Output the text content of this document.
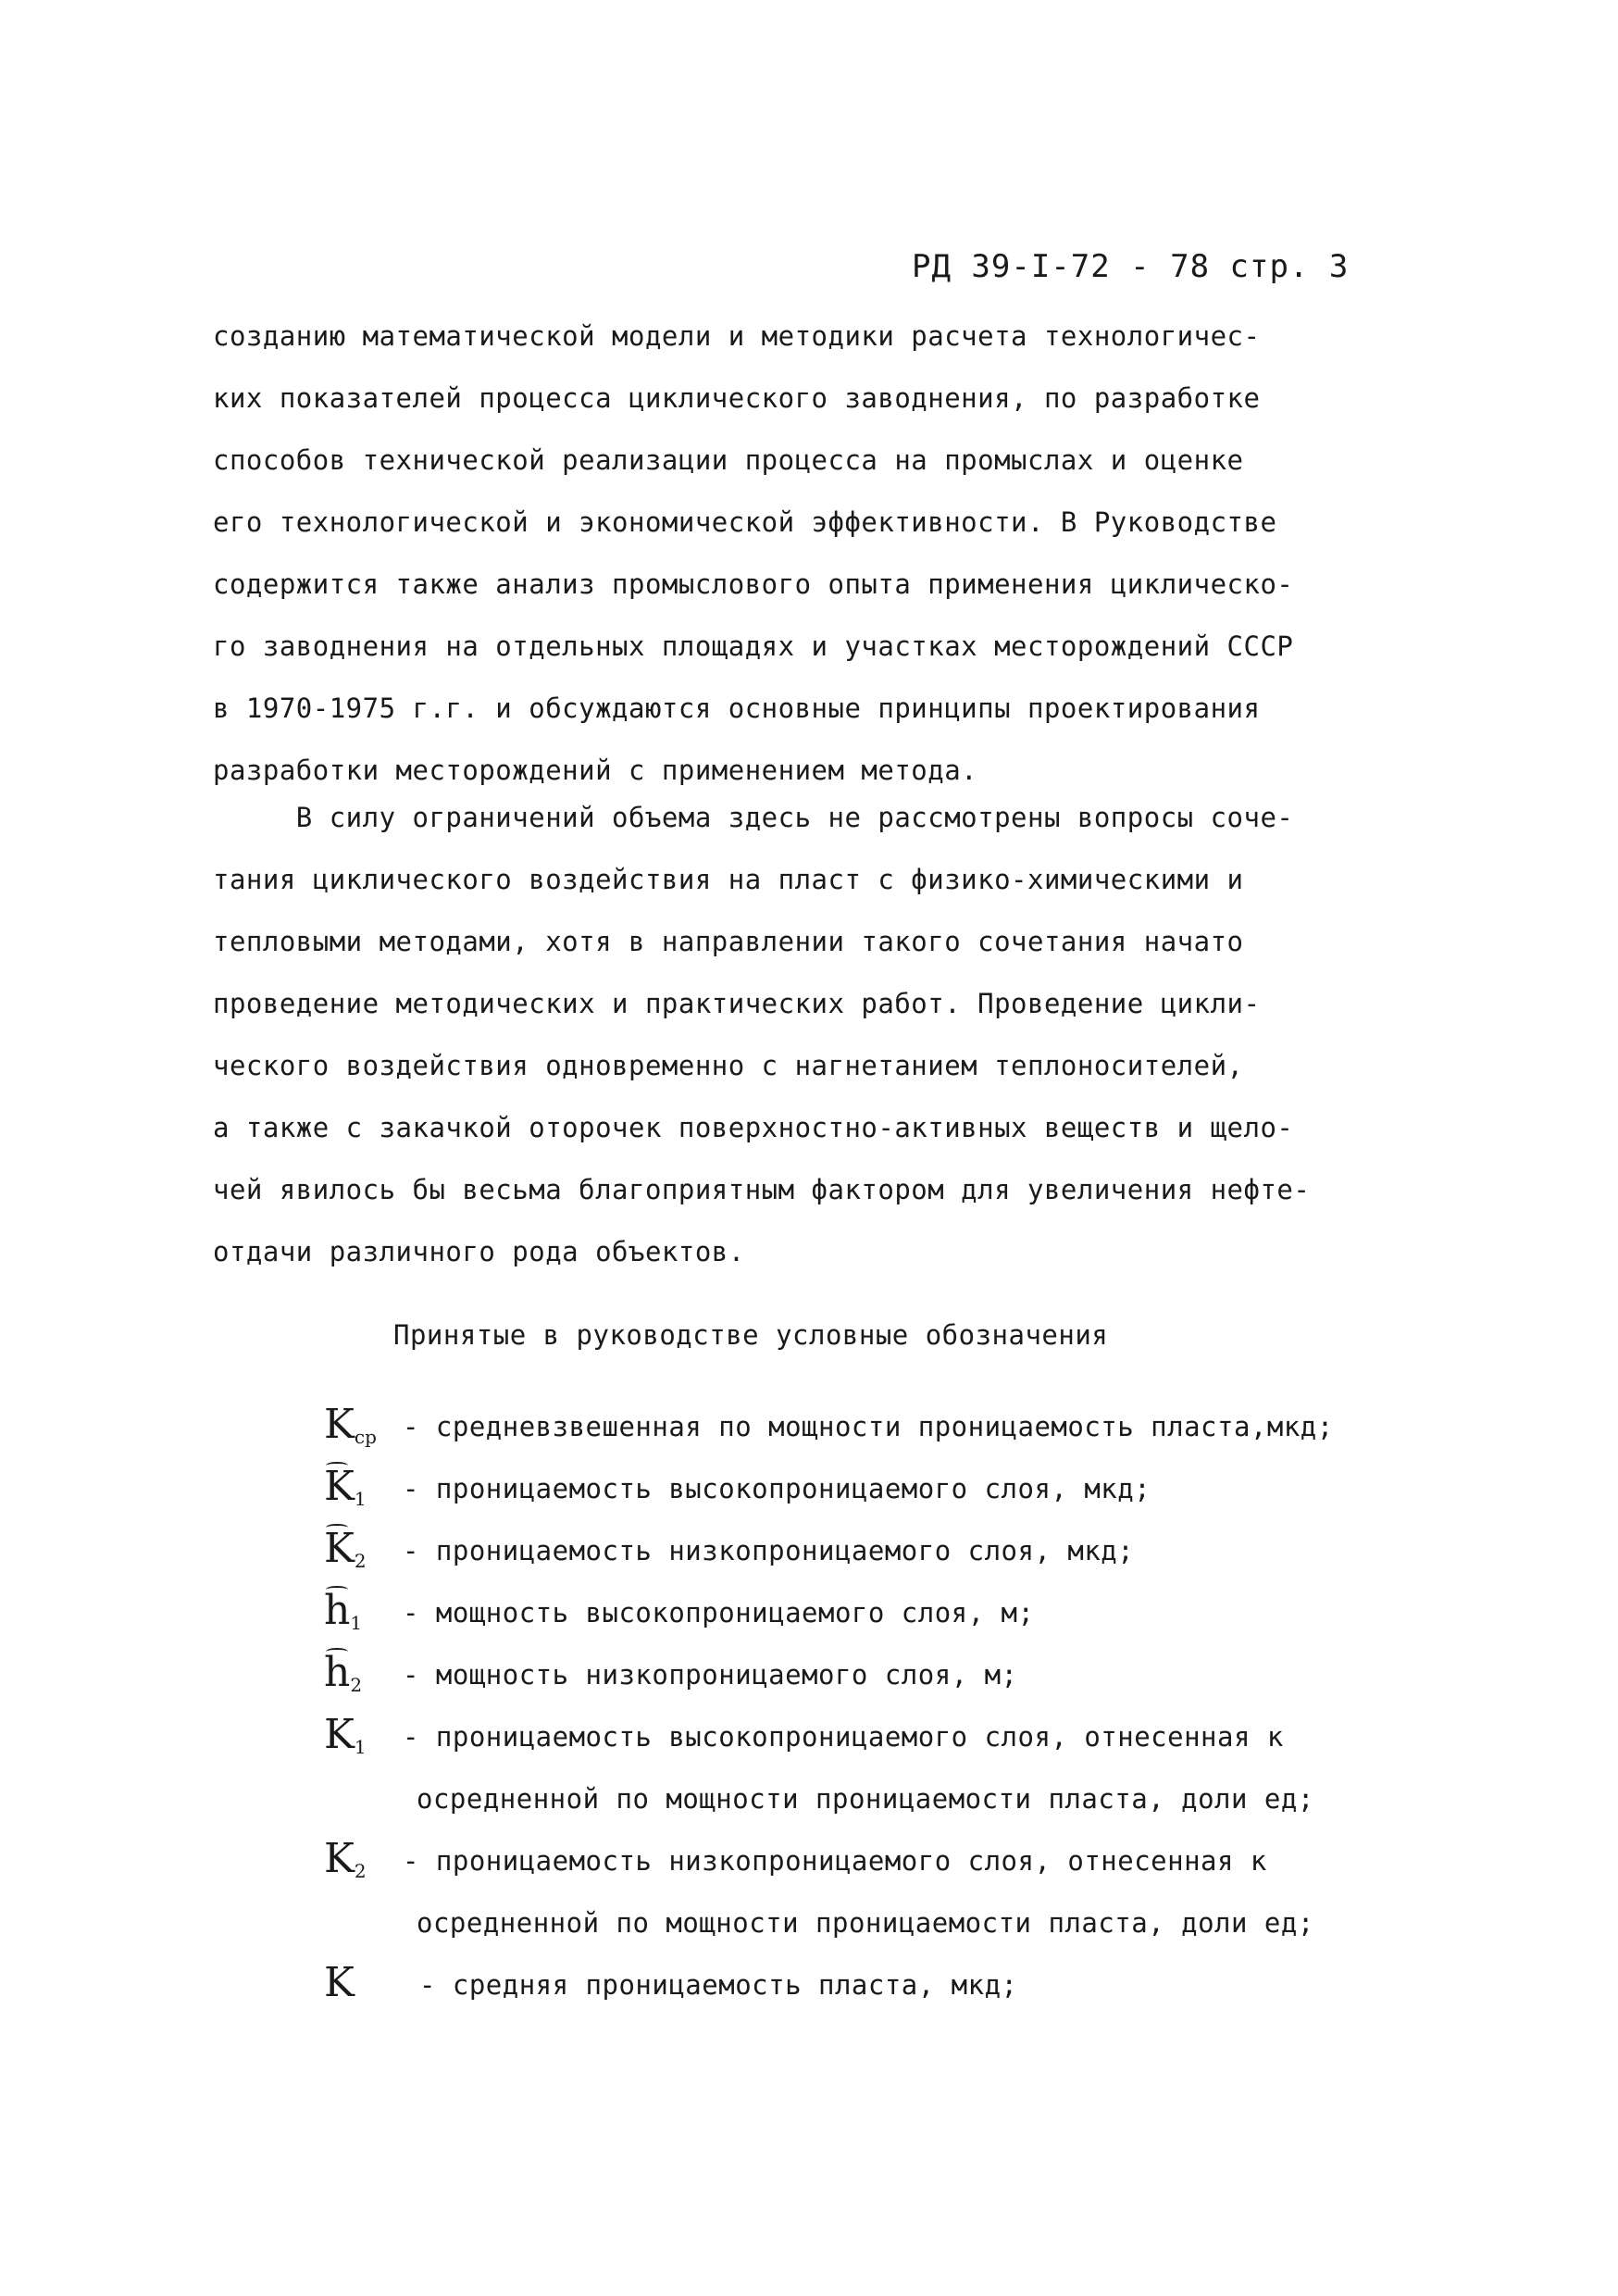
РД 39-I-72 - 78 стр. 3
созданию математической модели и методики расчета технологичес-
ких показателей процесса циклического заводнения, по разработке
способов технической реализации процесса на промыслах и оценке
его технологической и экономической эффективности. В Руководстве
содержится также анализ промыслового опыта применения циклическо-
го заводнения на отдельных площадях и участках месторождений СССР
в 1970-1975 г.г. и обсуждаются основные принципы проектирования
разработки месторождений с применением метода.
В силу ограничений объема здесь не рассмотрены вопросы сочe-
тания циклического воздействия на пласт с физико-химическими и
тепловыми методами, хотя в направлении такого сочетания начато
проведение методических и практических работ. Проведение цикли-
ческого воздействия одновременно с нагнетанием теплоносителей,
а также с закачкой оторочек поверхностно-активных веществ и щело-
чей явилось бы весьма благоприятным фактором для увеличения нефте-
отдачи различного рода объектов.
Принятые в руководстве условные обозначения
$K_{ср}$ - средневзвешенная по мощности проницаемость пласта,мкд;
$K_1$	- проницаемость высокопроницаемого слоя, мкд;
$K_2$	- проницаемость низкопроницаемого слоя, мкд;
$h_1$	- мощность высокопроницаемого слоя, м;
$h_2$	- мощность низкопроницаемого слоя, м;
$K_1$	- проницаемость высокопроницаемого слоя, отнесенная к
осредненной по мощности проницаемости пласта, доли ед;
$K_2$	- проницаемость низкопроницаемого слоя, отнесенная к
осредненной по мощности проницаемости пласта, доли ед;
K	- средняя проницаемость пласта, мкд;
